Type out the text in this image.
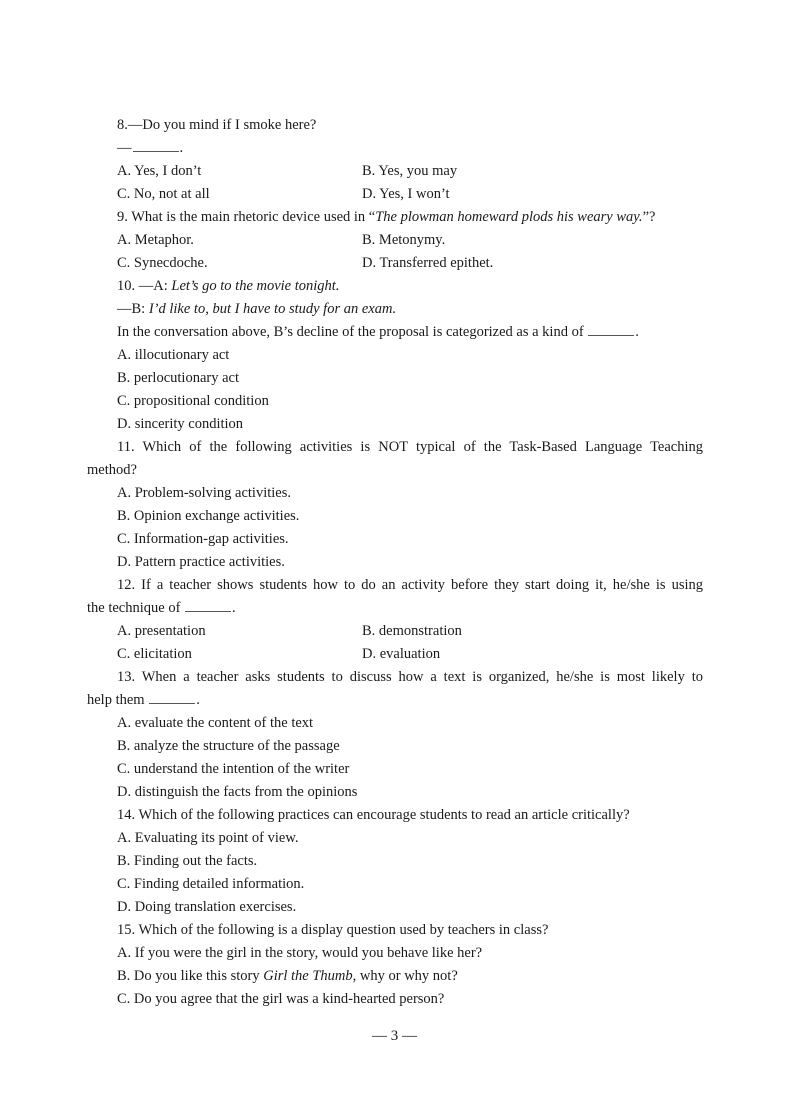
8.—Do you mind if I smoke here?
—	.
A. Yes, I don’t	B. Yes, you may
C. No, not at all	D. Yes, I won’t
9. What is the main rhetoric device used in “The plowman homeward plods his weary way.”?
A. Metaphor.	B. Metonymy.
C. Synecdoche.	D. Transferred epithet.
10. —A: Let’s go to the movie tonight.
—B: I’d like to, but I have to study for an exam.
In the conversation above, B’s decline of the proposal is categorized as a kind of	.
A. illocutionary act
B. perlocutionary act
C. propositional condition
D. sincerity condition
11. Which of the following activities is NOT typical of the Task-Based Language Teaching
method?
A. Problem-solving activities.
B. Opinion exchange activities.
C. Information-gap activities.
D. Pattern practice activities.
12. If a teacher shows students how to do an activity before they start doing it, he/she is using
the technique of	.
A. presentation	B. demonstration
C. elicitation	D. evaluation
13. When a teacher asks students to discuss how a text is organized, he/she is most likely to
help them	.
A. evaluate the content of the text
B. analyze the structure of the passage
C. understand the intention of the writer
D. distinguish the facts from the opinions
14. Which of the following practices can encourage students to read an article critically?
A. Evaluating its point of view.
B. Finding out the facts.
C. Finding detailed information.
D. Doing translation exercises.
15. Which of the following is a display question used by teachers in class?
A. If you were the girl in the story, would you behave like her?
B. Do you like this story Girl the Thumb, why or why not?
C. Do you agree that the girl was a kind-hearted person?
— 3 —
